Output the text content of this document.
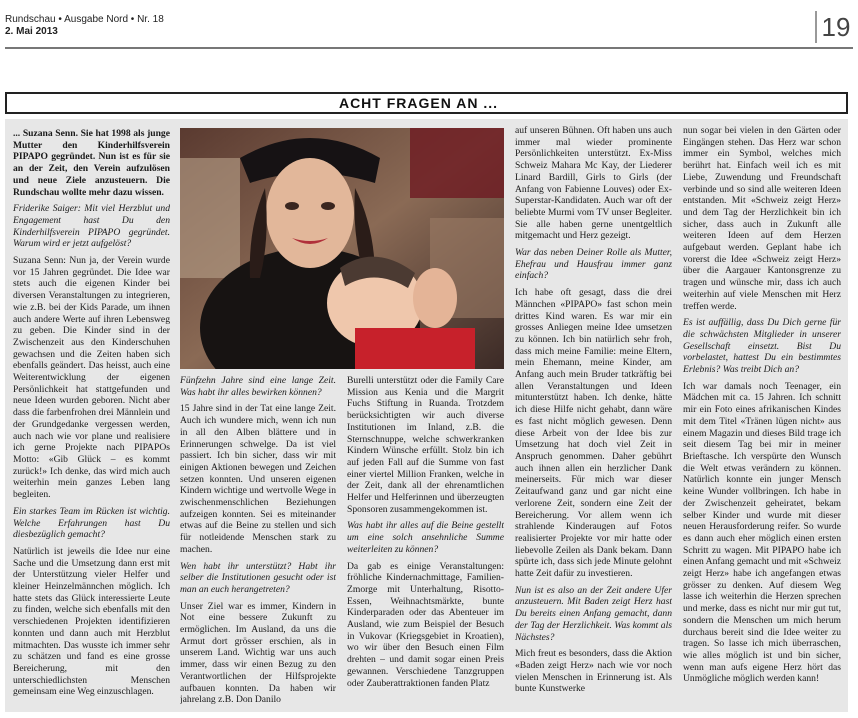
Rundschau • Ausgabe Nord • Nr. 18
2. Mai 2013	19
ACHT FRAGEN AN ...

... Suzana Senn. Sie hat 1998 als junge Mutter den Kinderhilfsverein PIPAPO gegründet. Nun ist es für sie an der Zeit, den Verein aufzulösen und neue Ziele anzusteuern. Die Rundschau wollte mehr dazu wissen.

Friderike Saiger: Mit viel Herzblut und Engagement hast Du den Kinderhilfsverein PIPAPO gegründet. Warum wird er jetzt aufgelöst?

Suzana Senn: Nun ja, der Verein wurde vor 15 Jahren gegründet. Die Idee war stets auch die eigenen Kinder bei diversen Veranstaltungen zu integrieren, wie z.B. bei der Kids Parade, um ihnen auch andere Werte auf ihren Lebensweg zu geben. Die Kinder sind in der Zwischenzeit aus den Kinderschuhen gewachsen und die Zeiten haben sich ebenfalls geändert. Das heisst, auch eine Weiterentwicklung der eigenen Persönlichkeit hat stattgefunden und neue Ideen wurden geboren. Nicht aber dass die farbenfrohen drei Männlein und der Grundgedanke vergessen werden, auch nach wie vor plane und realisiere ich gerne Projekte nach PIPAPOs Motto: «Gib Glück – es kommt zurück!» Ich denke, das wird mich auch weiterhin mein ganzes Leben lang begleiten.

Ein starkes Team im Rücken ist wichtig. Welche Erfahrungen hast Du diesbezüglich gemacht?

Natürlich ist jeweils die Idee nur eine Sache und die Umsetzung dann erst mit der Unterstützung vieler Helfer und kleiner Heinzelmännchen möglich. Ich hatte stets das Glück interessierte Leute zu finden, welche sich ebenfalls mit den verschiedenen Projekten identifizieren konnten und dann auch mit Herzblut mitmachten. Das wusste ich immer sehr zu schätzen und fand es eine grosse Bereicherung, mit den unterschiedlichsten Menschen gemeinsam eine Weg einzuschlagen.

Fünfzehn Jahre sind eine lange Zeit. Was habt ihr alles bewirken können?

15 Jahre sind in der Tat eine lange Zeit. Auch ich wundere mich, wenn ich nun in all den Alben blättere und in Erinnerungen schwelge. Da ist viel passiert. Ich bin sicher, dass wir mit einigen Aktionen bewegen und Zeichen setzen konnten. Und unseren eigenen Kindern wichtige und wertvolle Wege in zwischenmenschlichen Beziehungen aufzeigen konnten. Sei es miteinander etwas auf die Beine zu stellen und sich für notleidende Menschen stark zu machen.

Wen habt ihr unterstützt? Habt ihr selber die Institutionen gesucht oder ist man an euch herangetreten?

Unser Ziel war es immer, Kindern in Not eine bessere Zukunft zu ermöglichen. Im Ausland, da uns die Armut dort grösser erschien, als in unserem Land. Wichtig war uns auch immer, dass wir einen Bezug zu den Verantwortlichen der Hilfsprojekte aufbauen konnten. Da haben wir jahrelang z.B. Don Danilo

Burelli unterstützt oder die Family Care Mission aus Kenia und die Margrit Fuchs Stiftung in Ruanda. Trotzdem berücksichtigten wir auch diverse Institutionen im Inland, z.B. die Sternschnuppe, welche schwerkranken Kindern Wünsche erfüllt. Stolz bin ich auf jeden Fall auf die Summe von fast einer viertel Million Franken, welche in der Zeit, dank all der ehrenamtlichen Helfer und Helferinnen und überzeugten Sponsoren zusammengekommen ist.

Was habt ihr alles auf die Beine gestellt um eine solch ansehnliche Summe weiterleiten zu können?

Da gab es einige Veranstaltungen: fröhliche Kindernachmittage, Familien-Zmorge mit Unterhaltung, Risotto-Essen, Weihnachtsmärkte, bunte Kinderparaden oder das Abenteuer im Ausland, wie zum Beispiel der Besuch in Vukovar (Kriegsgebiet in Kroatien), wo wir über den Besuch einen Film drehten – und damit sogar einen Preis gewannen. Verschiedene Tanzgruppen oder Zauberattraktionen fanden Platz

auf unseren Bühnen. Oft haben uns auch immer mal wieder prominente Persönlichkeiten unterstützt. Ex-Miss Schweiz Mahara Mc Kay, der Liederer Linard Bardill, Girls to Girls (der Anfang von Fabienne Louves) oder Ex-Superstar-Kandidaten. Auch war oft der beliebte Murmi vom TV unser Begleiter. Sie alle haben gerne unentgeltlich mitgemacht und Herz gezeigt.

War das neben Deiner Rolle als Mutter, Ehefrau und Hausfrau immer ganz einfach?

Ich habe oft gesagt, dass die drei Männchen «PIPAPO» fast schon mein drittes Kind waren. Es war mir ein grosses Anliegen meine Idee umsetzen zu können. Ich bin natürlich sehr froh, dass mich meine Familie: meine Eltern, mein Ehemann, meine Kinder, am Anfang auch mein Bruder tatkräftig bei allen Veranstaltungen und Ideen mitunterstützt haben. Ich denke, hätte ich diese Hilfe nicht gehabt, dann wäre es fast nicht möglich gewesen. Denn diese Arbeit von der Idee bis zur Umsetzung hat doch viel Zeit in Anspruch genommen. Daher gebührt auch ihnen allen ein herzlicher Dank meinerseits. Für mich war dieser Zeitaufwand ganz und gar nicht eine verlorene Zeit, sondern eine Zeit der Bereicherung. Vor allem wenn ich strahlende Kinderaugen auf Fotos realisierter Projekte vor mir hatte oder liebevolle Zeilen als Dank bekam. Dann spürte ich, dass sich jede Minute gelohnt hatte Zeit dafür zu investieren.

Nun ist es also an der Zeit andere Ufer anzusteuern. Mit Baden zeigt Herz hast Du bereits einen Anfang gemacht, dann der Tag der Herzlichkeit. Was kommt als Nächstes?

Mich freut es besonders, dass die Aktion «Baden zeigt Herz» nach wie vor noch vielen Menschen in Erinnerung ist. Als bunte Kunstwerke

nun sogar bei vielen in den Gärten oder Eingängen stehen. Das Herz war schon immer ein Symbol, welches mich berührt hat. Einfach weil ich es mit Liebe, Zuwendung und Freundschaft verbinde und so sind alle weiteren Ideen entstanden. Mit «Schweiz zeigt Herz» und dem Tag der Herzlichkeit bin ich sicher, dass auch in Zukunft alle weiteren Ideen auf dem Herzen aufgebaut werden. Geplant habe ich vorerst die Idee «Schweiz zeigt Herz» über die Aargauer Kantonsgrenze zu tragen und wünsche mir, dass ich auch weiterhin auf viele Menschen mit Herz treffen werde.

Es ist auffällig, dass Du Dich gerne für die schwächsten Mitglieder in unserer Gesellschaft einsetzt. Bist Du vorbelastet, hattest Du ein bestimmtes Erlebnis? Was treibt Dich an?

Ich war damals noch Teenager, ein Mädchen mit ca. 15 Jahren. Ich schnitt mir ein Foto eines afrikanischen Kindes mit dem Titel «Tränen lügen nicht» aus einem Magazin und dieses Bild trage ich seit diesem Tag bei mir in meiner Brieftasche. Ich verspürte den Wunsch die Welt etwas verändern zu können. Natürlich konnte ein junger Mensch keine Wunder vollbringen. Ich habe in der Zwischenzeit geheiratet, bekam selber Kinder und wurde mit dieser neuen Herausforderung reifer. So wurde es dann auch eher möglich einen ersten Schritt zu wagen. Mit PIPAPO habe ich einen Anfang gemacht und mit «Schweiz zeigt Herz» habe ich angefangen etwas grösser zu denken. Auf diesem Weg lasse ich weiterhin die Herzen sprechen und merke, dass es nicht nur mir gut tut, sondern die Menschen um mich herum durchaus bereit sind die Idee weiter zu tragen. So lasse ich mich überraschen, wie alles möglich ist und bin sicher, wenn man aufs eigene Herz hört das Unmögliche möglich werden kann!
